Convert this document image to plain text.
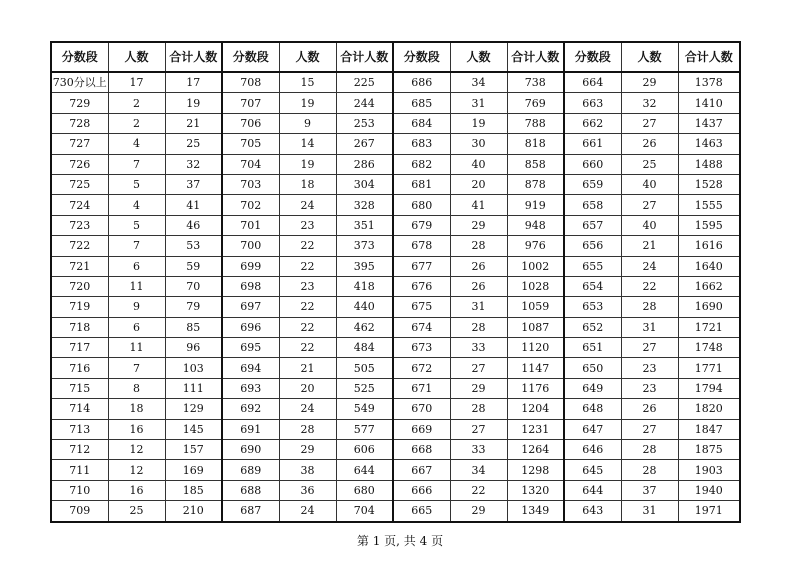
分数段	人数	合计人数	分数段	人数	合计人数	分数段	人数	合计人数	分数段	人数	合计人数
730分以上	17	17	708	15	225	686	34	738	664	29	1378
729	2	19	707	19	244	685	31	769	663	32	1410
728	2	21	706	9	253	684	19	788	662	27	1437
727	4	25	705	14	267	683	30	818	661	26	1463
726	7	32	704	19	286	682	40	858	660	25	1488
725	5	37	703	18	304	681	20	878	659	40	1528
724	4	41	702	24	328	680	41	919	658	27	1555
723	5	46	701	23	351	679	29	948	657	40	1595
722	7	53	700	22	373	678	28	976	656	21	1616
721	6	59	699	22	395	677	26	1002	655	24	1640
720	11	70	698	23	418	676	26	1028	654	22	1662
719	9	79	697	22	440	675	31	1059	653	28	1690
718	6	85	696	22	462	674	28	1087	652	31	1721
717	11	96	695	22	484	673	33	1120	651	27	1748
716	7	103	694	21	505	672	27	1147	650	23	1771
715	8	111	693	20	525	671	29	1176	649	23	1794
714	18	129	692	24	549	670	28	1204	648	26	1820
713	16	145	691	28	577	669	27	1231	647	27	1847
712	12	157	690	29	606	668	33	1264	646	28	1875
711	12	169	689	38	644	667	34	1298	645	28	1903
710	16	185	688	36	680	666	22	1320	644	37	1940
709	25	210	687	24	704	665	29	1349	643	31	1971
第 1 页, 共 4 页
